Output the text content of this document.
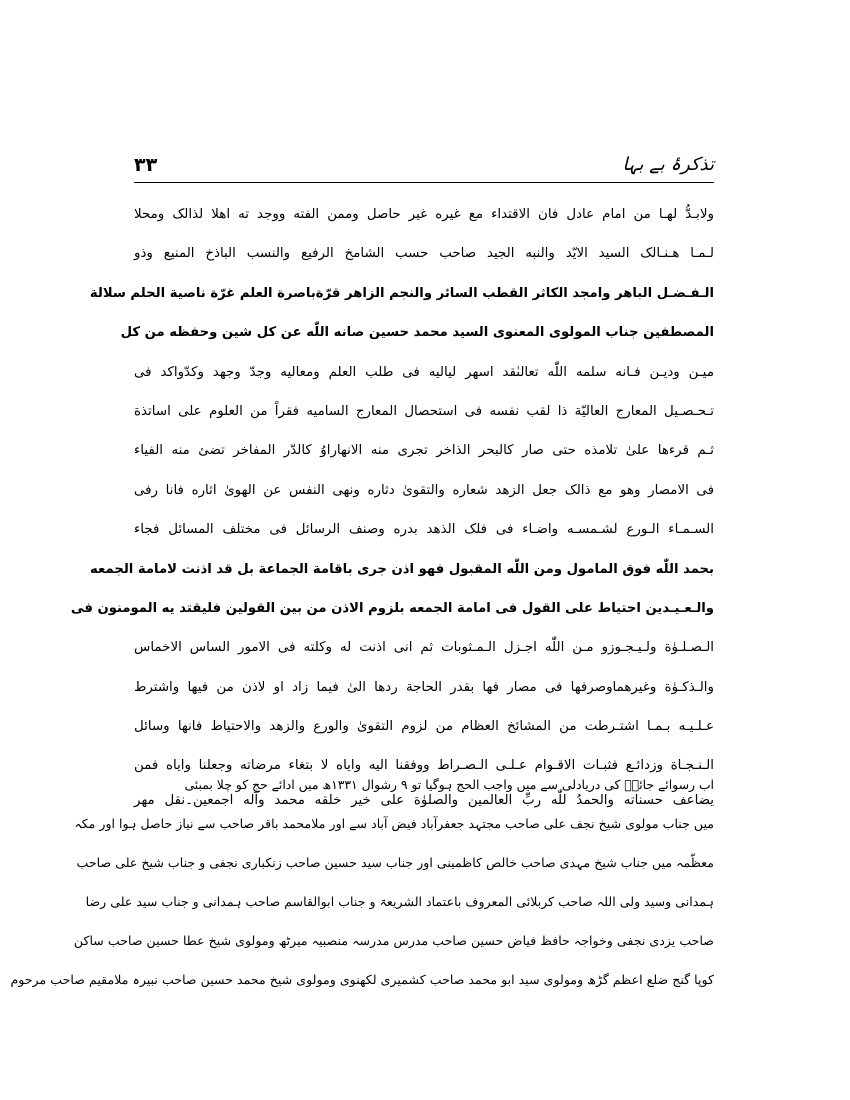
۳۳	تذکرۂ بے بہا
ولابـدُّ لهـا من امام عادل فان الاقتداء مع غيره غير حاصل وممن الفته ووجد ته اهلا لذالک ومحلا
لـمـا هـنـالک السيد الايّد والنبه الجيد صاحب حسب الشامخ الرفيع والنسب الباذخ المنيع وذو
الـفـضـل الباهر وامجد الكاثر القطب السائر والنجم الزاهر قرّةباصرة العلم غرّة ناصية الحلم سلالة
المصطفين جناب المولوى المعنوى السيد محمد حسين صانه اللّٰه عن كل شين وحفظه من كل
ميـن وديـن فـانه سلمه اللّٰه تعالىٰقد اسهر لياليه فى طلب العلم ومعاليه وجدّ وجهد وكدّواكد فى
تـحـصـيل المعارج العاليّة ذا لقب نفسه فى استحصال المعارج الساميه فقراً من العلوم على اساتذة
ثـم قرءها علىٰ تلامذه حتى صار كالبحر الذاخر تجرى منه الانهاراوُ كالدّر المفاخر تضئ منه الفياء
فى الامصار وهو مع ذالک جعل الزهد شعاره والتقوىٰ دثاره ونهى النفس عن الهوىٰ اثاره فانا رفى
السـمـاء الـورع لشـمسـه واضـاء فى فلک الذهد بدره وصنف الرسائل فى مختلف المسائل فجاء
بحمد اللّٰه فوق المامول ومن اللّٰه المقبول فهو اذن جرى باقامة الجماعة بل قد اذنت لامامة الجمعه
والـعـيـدين احتياط على القول فى امامة الجمعه بلزوم الاذن من بين القولين فليقتد يه المومنون فى
الـصـلـوٰة ولـيـجـوزو مـن اللّٰه اجـزل الـمـثوبات ثم انى اذنت له وكلته فى الامور الساس الاخماس
والـذكـوٰة وغيرهماوصرفها فى مصار فها بقدر الحاجة ردها الىٰ فيما زاد او لاذن من فيها واشترط
عـلـيـه بـمـا اشتـرطت من المشائخ العظام من لزوم التقوىٰ والورع والزهد والاحتياط فانها وسائل
الـنـجـاة وزدائـع فثبـات الاقـوام عـلـى الـصـراط ووفقنا اليه واياه لا بتغاء مرضاته وجعلنا واياه فمن
يضاعف حسناته والحمدُ للّٰه ربِّ العالمين والصلوٰة على خير خلقه محمد وآله اجمعين۔نقل مهر
اب رسوائے جائسؔ کی دریادلی سے میں واجب الحج ہوگیا تو ۹ رشوال ۱۳۳۱ھ میں ادائے حج کو چلا بمبئی
میں جناب مولوی شیخ نجف علی صاحب مجتہد جعفرآباد فیض آباد سے اور ملامحمد باقر صاحب سے نیاز حاصل ہوا اور مکہ
معظّمہ میں جناب شیخ مہدی صاحب خالص کاظمینی اور جناب سید حسین صاحب زنکباری نجفی و جناب شیخ علی صاحب
ہمدانی وسید ولی اللہ صاحب کربلائی المعروف باعتماد الشریعۃ و جناب ابوالقاسم صاحب ہمدانی و جناب سید علی رضا
صاحب یزدی نجفی وخواجہ حافظ فیاض حسین صاحب مدرس مدرسہ منصبیہ میرٹھ ومولوی شیخ عطا حسین صاحب ساکن
کوپا گنج ضلع اعظم گڑھ ومولوی سید ابو محمد صاحب کشمیری لکھنوی ومولوی شیخ محمد حسین صاحب نبیرہ ملامقیم صاحب مرحوم
